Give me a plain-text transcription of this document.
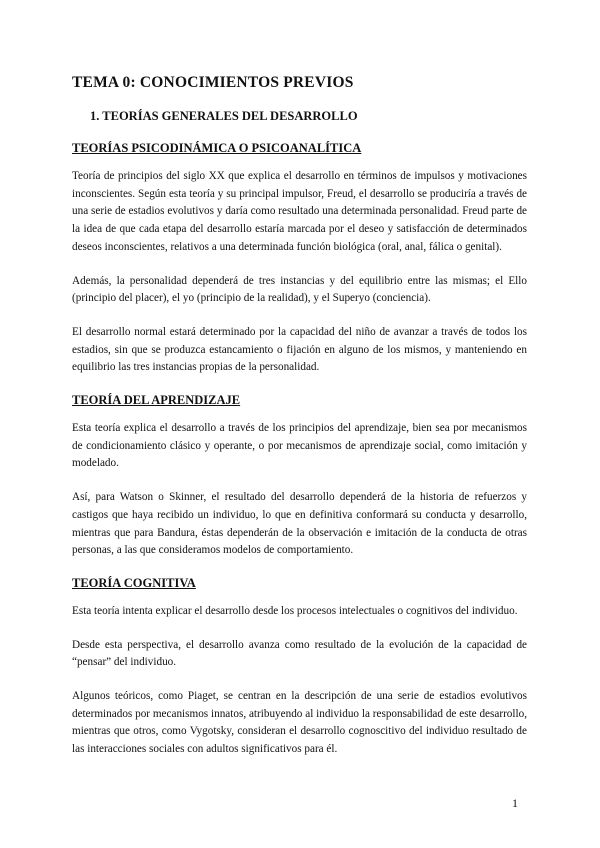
TEMA 0: CONOCIMIENTOS PREVIOS
1. TEORÍAS GENERALES DEL DESARROLLO
TEORÍAS PSICODINÁMICA O PSICOANALÍTICA

Teoría de principios del siglo XX que explica el desarrollo en términos de impulsos y motivaciones inconscientes. Según esta teoría y su principal impulsor, Freud, el desarrollo se produciría a través de una serie de estadios evolutivos y daría como resultado una determinada personalidad. Freud parte de la idea de que cada etapa del desarrollo estaría marcada por el deseo y satisfacción de determinados deseos inconscientes, relativos a una determinada función biológica (oral, anal, fálica o genital).

Además, la personalidad dependerá de tres instancias y del equilibrio entre las mismas; el Ello (principio del placer), el yo (principio de la realidad), y el Superyo (conciencia).

El desarrollo normal estará determinado por la capacidad del niño de avanzar a través de todos los estadios, sin que se produzca estancamiento o fijación en alguno de los mismos, y manteniendo en equilibrio las tres instancias propias de la personalidad.

TEORÍA DEL APRENDIZAJE

Esta teoría explica el desarrollo a través de los principios del aprendizaje, bien sea por mecanismos de condicionamiento clásico y operante, o por mecanismos de aprendizaje social, como imitación y modelado.

Así, para Watson o Skinner, el resultado del desarrollo dependerá de la historia de refuerzos y castigos que haya recibido un individuo, lo que en definitiva conformará su conducta y desarrollo, mientras que para Bandura, éstas dependerán de la observación e imitación de la conducta de otras personas, a las que consideramos modelos de comportamiento.

TEORÍA COGNITIVA

Esta teoría intenta explicar el desarrollo desde los procesos intelectuales o cognitivos del individuo.

Desde esta perspectiva, el desarrollo avanza como resultado de la evolución de la capacidad de “pensar” del individuo.

Algunos teóricos, como Piaget, se centran en la descripción de una serie de estadios evolutivos determinados por mecanismos innatos, atribuyendo al individuo la responsabilidad de este desarrollo, mientras que otros, como Vygotsky, consideran el desarrollo cognoscitivo del individuo resultado de las interacciones sociales con adultos significativos para él.

1
